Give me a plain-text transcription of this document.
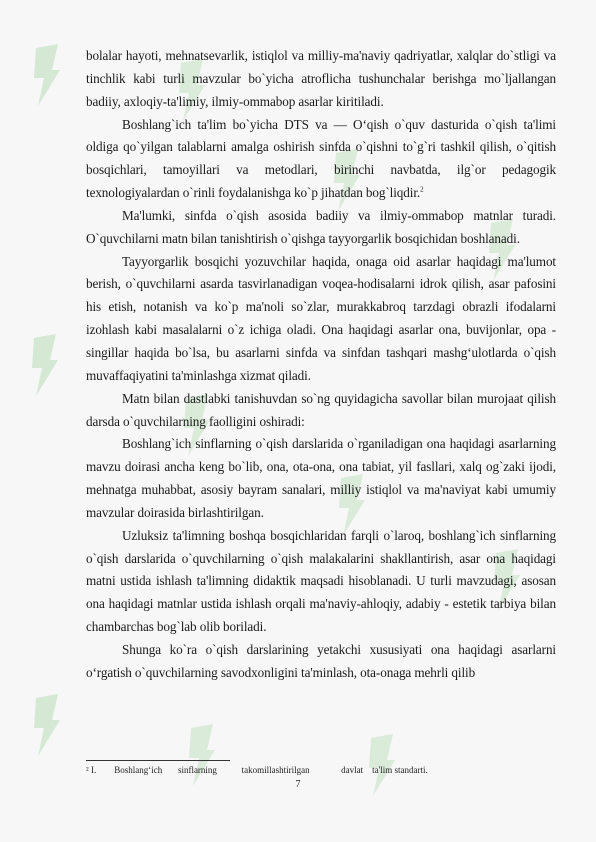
bolalar hayoti, mehnatsevarlik, istiqlol va milliy-ma'naviy qadriyatlar, xalqlar do`stligi va tinchlik kabi turli mavzular bo`yicha atroflicha tushunchalar berishga mo`ljallangan badiiy, axloqiy-ta'limiy, ilmiy-ommabop asarlar kiritiladi.

Boshlang`ich ta'lim bo`yicha DTS va ― O‘qish o`quv dasturida o`qish ta'limi oldiga qo`yilgan talablarni amalga oshirish sinfda o`qishni to`g`ri tashkil qilish, o`qitish bosqichlari, tamoyillari va metodlari, birinchi navbatda, ilg`or pedagogik texnologiyalardan o`rinli foydalanishga ko`p jihatdan bog`liqdir.$^2$

Ma'lumki, sinfda o`qish asosida badiiy va ilmiy-ommabop matnlar turadi. O`quvchilarni matn bilan tanishtirish o`qishga tayyorgarlik bosqichidan boshlanadi.

Tayyorgarlik bosqichi yozuvchilar haqida, onaga oid asarlar haqidagi ma'lumot berish, o`quvchilarni asarda tasvirlanadigan voqea-hodisalarni idrok qilish, asar pafosini his etish, notanish va ko`p ma'noli so`zlar, murakkabroq tarzdagi obrazli ifodalarni izohlash kabi masalalarni o`z ichiga oladi. Ona haqidagi asarlar ona, buvijonlar, opa - singillar haqida bo`lsa, bu asarlarni sinfda va sinfdan tashqari mashg‘ulotlarda o`qish muvaffaqiyatini ta'minlashga xizmat qiladi.

Matn bilan dastlabki tanishuvdan so`ng quyidagicha savollar bilan murojaat qilish darsda o`quvchilarning faolligini oshiradi:

Boshlang`ich sinflarning o`qish darslarida o`rganiladigan ona haqidagi asarlarning mavzu doirasi ancha keng bo`lib, ona, ota-ona, ona tabiat, yil fasllari, xalq og`zaki ijodi, mehnatga muhabbat, asosiy bayram sanalari, milliy istiqlol va ma'naviyat kabi umumiy mavzular doirasida birlashtirilgan.

Uzluksiz ta'limning boshqa bosqichlaridan farqli o`laroq, boshlang`ich sinflarning o`qish darslarida o`quvchilarning o`qish malakalarini shakllantirish, asar ona haqidagi matni ustida ishlash ta'limning didaktik maqsadi hisoblanadi. U turli mavzudagi, asosan ona haqidagi matnlar ustida ishlash orqali ma'naviy-ahloqiy, adabiy - estetik tarbiya bilan chambarchas bog`lab olib boriladi.

Shunga ko`ra o`qish darslarining yetakchi xususiyati ona haqidagi asarlarni o‘rgatish o`quvchilarning savodxonligini ta'minlash, ota-onaga mehrli qilib

² I.        Boshlang‘ich       sinflarning           takomillashtirilgan              davlat    ta'lim standarti.
7
